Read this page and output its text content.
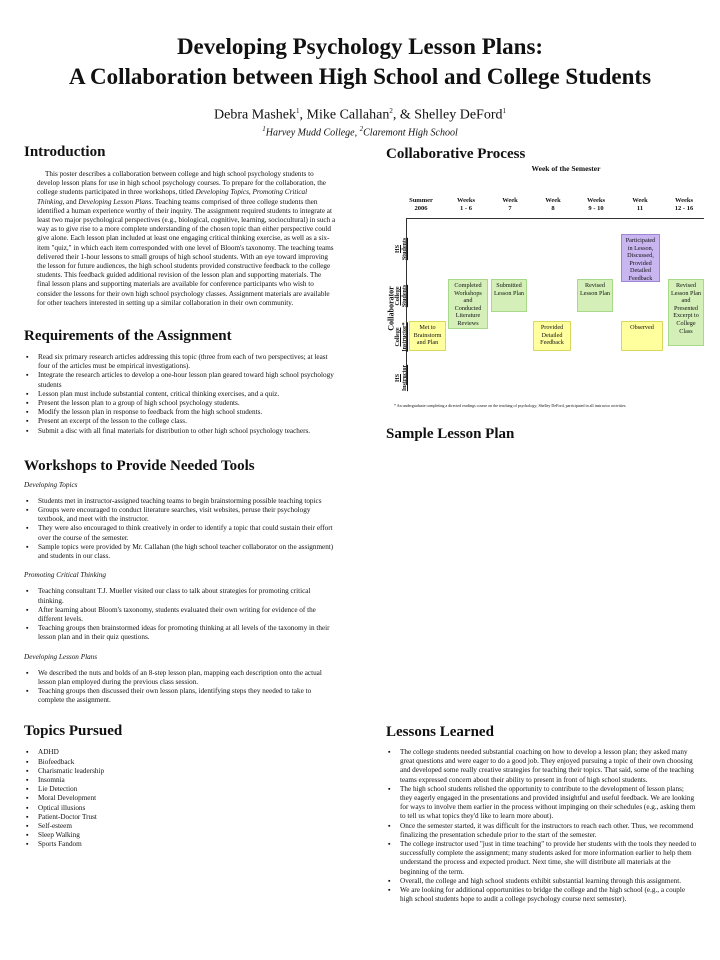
Developing Psychology Lesson Plans:
A Collaboration between High School and College Students
Debra Mashek$^1$, Mike Callahan$^2$, & Shelley DeFord$^1$
$^1$Harvey Mudd College, $^2$Claremont High School
Introduction

This poster describes a collaboration between college and high school psychology students to develop lesson plans for use in high school psychology courses. To prepare for the collaboration, the college students participated in three workshops, titled Developing Topics, Promoting Critical Thinking, and Developing Lesson Plans. Teaching teams comprised of three college students then identified a human experience worthy of their inquiry. The assignment required students to integrate at least two major psychological perspectives (e.g., biological, cognitive, learning, sociocultural) in such a way as to give rise to a more complete understanding of the chosen topic than either perspective could give alone. Each lesson plan included at least one engaging critical thinking exercise, as well as a six-item "quiz," in which each item corresponded with one level of Bloom's taxonomy. The teaching teams delivered their 1-hour lessons to small groups of high school students. With an eye toward improving the lesson for future audiences, the high school students provided constructive feedback to the college students. This feedback guided additional revision of the lesson plan and supporting materials. The final lesson plans and supporting materials are available for conference participants who wish to consider the lessons for their own high school psychology classes. Assignment materials are available for other teachers interested in setting up a similar collaboration in their own community.

Requirements of the Assignment
▪ Read six primary research articles addressing this topic (three from each of two perspectives; at least four of the articles must be empirical investigations).
▪ Integrate the research articles to develop a one-hour lesson plan geared toward high school psychology students
▪ Lesson plan must include substantial content, critical thinking exercises, and a quiz.
▪ Present the lesson plan to a group of high school psychology students.
▪ Modify the lesson plan in response to feedback from the high school students.
▪ Present an excerpt of the lesson to the college class.
▪ Submit a disc with all final materials for distribution to other high school psychology teachers.
Workshops to Provide Needed Tools
Developing Topics
▪ Students met in instructor-assigned teaching teams to begin brainstorming possible teaching topics
▪ Groups were encouraged to conduct literature searches, visit websites, peruse their psychology textbook, and meet with the instructor.
▪ They were also encouraged to think creatively in order to identify a topic that could sustain their effort over the course of the semester.
▪ Sample topics were provided by Mr. Callahan (the high school teacher collaborator on the assignment) and students in our class.
Promoting Critical Thinking
▪ Teaching consultant T.J. Mueller visited our class to talk about strategies for promoting critical thinking.
▪ After learning about Bloom's taxonomy, students evaluated their own writing for evidence of the different levels.
▪ Teaching groups then brainstormed ideas for promoting thinking at all levels of the taxonomy in their lesson plan and in their quiz questions.
Developing Lesson Plans
▪ We described the nuts and bolds of an 8-step lesson plan, mapping each description onto the actual lesson plan employed during the previous class session.
▪ Teaching groups then discussed their own lesson plans, identifying steps they needed to take to complete the assignment.
Topics Pursued
▪ ADHD
▪ Biofeedback
▪ Charismatic leadership
▪ Insomnia
▪ Lie Detection
▪ Moral Development
▪ Optical illusions
▪ Patient-Doctor Trust
▪ Self-esteem
▪ Sleep Walking
▪ Sports Fandom
Collaborative Process
Week of the Semester
Summer
2006
Weeks
1 - 6
Week
7
Week
8
Weeks
9 - 10
Week
11
Weeks
12 - 16
Collaborator
HS Students
College Students
College Instructor*
HS Instructor
Participated in Lesson, Discussed, Provided Detailed Feedback
Completed Workshops and Conducted Literature Reviews
Submitted Lesson Plan
Revised Lesson Plan
Revised Lesson Plan and Presented Excerpt to College Class
Met to Brainstorm and Plan
Provided Detailed Feedback
Observed
* An undergraduate completing a directed readings course on the teaching of psychology; Shelley DeFord, participated in all instructor activities.
Sample Lesson Plan
Lessons Learned
▪ The college students needed substantial coaching on how to develop a lesson plan; they asked many great questions and were eager to do a good job. They enjoyed pursuing a topic of their own choosing and developed some really creative strategies for teaching their topics. That said, some of the teaching teams expressed concern about their ability to present in front of high school students.
▪ The high school students relished the opportunity to contribute to the development of lesson plans; they eagerly engaged in the presentations and provided insightful and useful feedback. We are looking for ways to involve them earlier in the process without impinging on their schedules (e.g., asking them to tell us what topics they'd like to learn more about).
▪ Once the semester started, it was difficult for the instructors to reach each other. Thus, we recommend finalizing the presentation schedule prior to the start of the semester.
▪ The college instructor used "just in time teaching" to provide her students with the tools they needed to successfully complete the assignment; many students asked for more information earlier to help them understand the process and expected product. Next time, she will distribute all materials at the beginning of the term.
▪ Overall, the college and high school students exhibit substantial learning through this assignment.
▪ We are looking for additional opportunities to bridge the college and the high school (e.g., a couple high school students hope to audit a college psychology course next semester).
